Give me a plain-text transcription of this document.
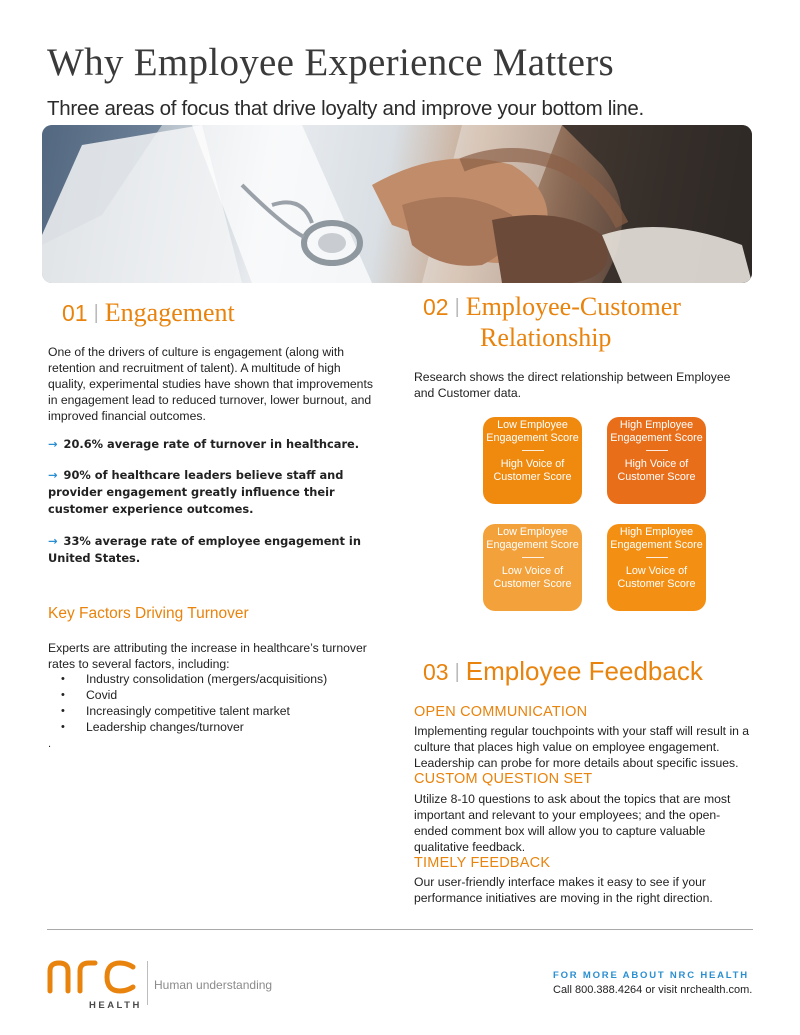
Why Employee Experience Matters
Three areas of focus that drive loyalty and improve your bottom line.
01 | Engagement
One of the drivers of culture is engagement (along with retention and recruitment of talent). A multitude of high quality, experimental studies have shown that improvements in engagement lead to reduced turnover, lower burnout, and improved financial outcomes.
→ 20.6% average rate of turnover in healthcare.
→ 90% of healthcare leaders believe staff and provider engagement greatly influence their customer experience outcomes.
→ 33% average rate of employee engagement in United States.
Key Factors Driving Turnover
Experts are attributing the increase in healthcare’s turnover rates to several factors, including:
• Industry consolidation (mergers/acquisitions)
• Covid
• Increasingly competitive talent market
• Leadership changes/turnover
.
02 | Employee-Customer
Relationship
Research shows the direct relationship between Employee and Customer data.
Low Employee Engagement Score
High Voice of Customer Score
High Employee Engagement Score
High Voice of Customer Score
Low Employee Engagement Score
Low Voice of Customer Score
High Employee Engagement Score
Low Voice of Customer Score
03 | Employee Feedback
OPEN COMMUNICATION
Implementing regular touchpoints with your staff will result in a culture that places high value on employee engagement. Leadership can probe for more details about specific issues.
CUSTOM QUESTION SET
Utilize 8-10 questions to ask about the topics that are most important and relevant to your employees; and the open-ended comment box will allow you to capture valuable qualitative feedback.
TIMELY FEEDBACK
Our user-friendly interface makes it easy to see if your performance initiatives are moving in the right direction.
HEALTH
Human understanding
FOR MORE ABOUT NRC HEALTH
Call 800.388.4264 or visit nrchealth.com.
